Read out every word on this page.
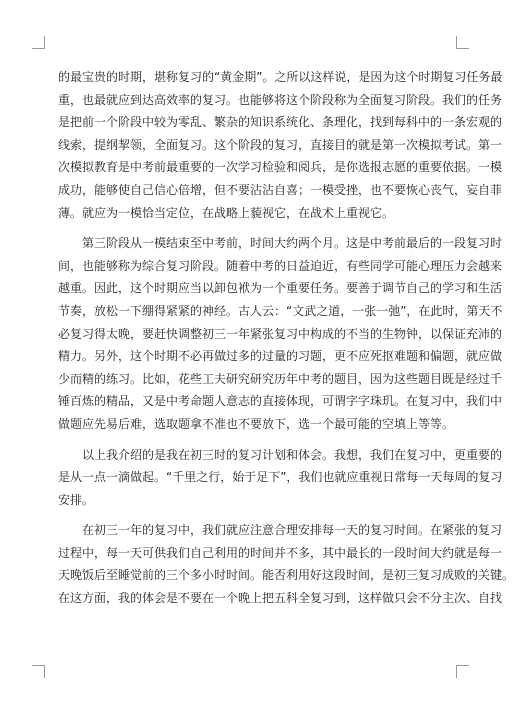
的最宝贵的时期，堪称复习的“黄金期”。之所以这样说，是因为这个时期复习任务最
重，也最就应到达高效率的复习。也能够将这个阶段称为全面复习阶段。我们的任务
是把前一个阶段中较为零乱、繁杂的知识系统化、条理化，找到每科中的一条宏观的
线索，提纲挈领，全面复习。这个阶段的复习，直接目的就是第一次模拟考试。第一
次模拟教育是中考前最重要的一次学习检验和阅兵，是你选报志愿的重要依据。一模
成功，能够使自己信心倍增，但不要沾沾自喜；一模受挫，也不要恢心丧气，妄自菲
薄。就应为一模恰当定位，在战略上藐视它，在战术上重视它。
第三阶段从一模结束至中考前，时间大约两个月。这是中考前最后的一段复习时
间，也能够称为综合复习阶段。随着中考的日益迫近，有些同学可能心理压力会越来
越重。因此，这个时期应当以卸包袱为一个重要任务。要善于调节自己的学习和生活
节奏，放松一下绷得紧紧的神经。古人云：“文武之道，一张一弛”，在此时，第天不
必复习得太晚，要赶快调整初三一年紧张复习中构成的不当的生物钟，以保证充沛的
精力。另外，这个时期不必再做过多的过量的习题，更不应死抠难题和偏题，就应做
少而精的练习。比如，花些工夫研究研究历年中考的题目，因为这些题目既是经过千
锤百炼的精品，又是中考命题人意志的直接体现，可谓字字珠玑。在复习中，我们中
做题应先易后难，选取题拿不准也不要放下，选一个最可能的空填上等等。
以上我介绍的是我在初三时的复习计划和体会。我想，我们在复习中，更重要的
是从一点一滴做起。“千里之行，始于足下”，我们也就应重视日常每一天每周的复习
安排。
在初三一年的复习中，我们就应注意合理安排每一天的复习时间。在紧张的复习
过程中，每一天可供我们自己利用的时间并不多，其中最长的一段时间大约就是每一
天晚饭后至睡觉前的三个多小时时间。能否利用好这段时间，是初三复习成败的关键。
在这方面，我的体会是不要在一个晚上把五科全复习到，这样做只会不分主次、自找
